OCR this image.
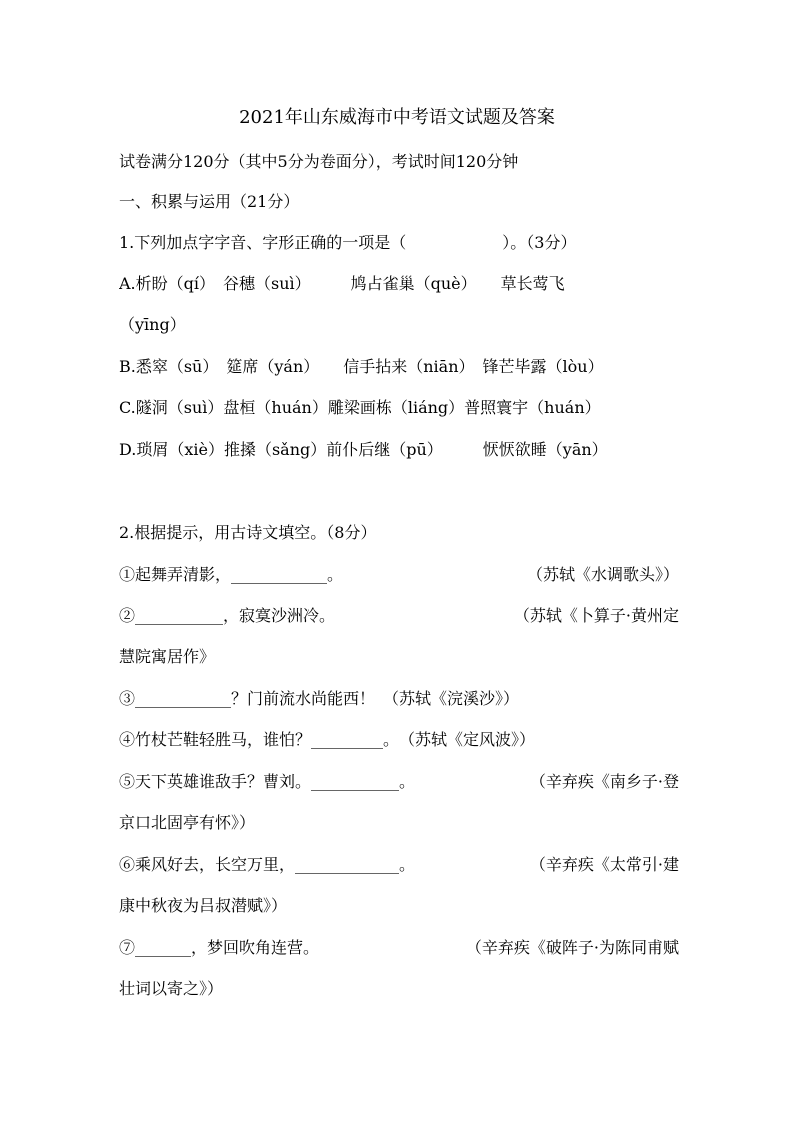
2021年山东威海市中考语文试题及答案
试卷满分120分（其中5分为卷面分），考试时间120分钟
一、积累与运用（21分）
1.下列加点字字音、字形正确的一项是（　　　　　　）。（3分）
A.析盼（qí）　谷穗（suì）　　　鸠占雀巢（què）　　草长莺飞
（yīng）
B.悉窣（sū）　筵席（yán）　　信手拈来（niān）　锋芒毕露（lòu）
C.隧洞（suì）盘桓（huán）雕梁画栋（liáng）普照寰宇（huán）
D.琐屑（xiè）推搡（sǎng）前仆后继（pū）　　　恹恹欲睡（yān）
2.根据提示，用古诗文填空。（8分）
①起舞弄清影，____________。	（苏轼《水调歌头》）
②___________，寂寞沙洲冷。	（苏轼《卜算子·黄州定
慧院寓居作》
③____________？门前流水尚能西！　（苏轼《浣溪沙》）
④竹杖芒鞋轻胜马，谁怕？_________。　（苏轼《定风波》）
⑤天下英雄谁敌手？曹刘。___________。	（辛弃疾《南乡子·登
京口北固亭有怀》）
⑥乘风好去，长空万里，_____________。	（辛弃疾《太常引·建
康中秋夜为吕叔潜赋》）
⑦_______，梦回吹角连营。	（辛弃疾《破阵子·为陈同甫赋
壮词以寄之》）
